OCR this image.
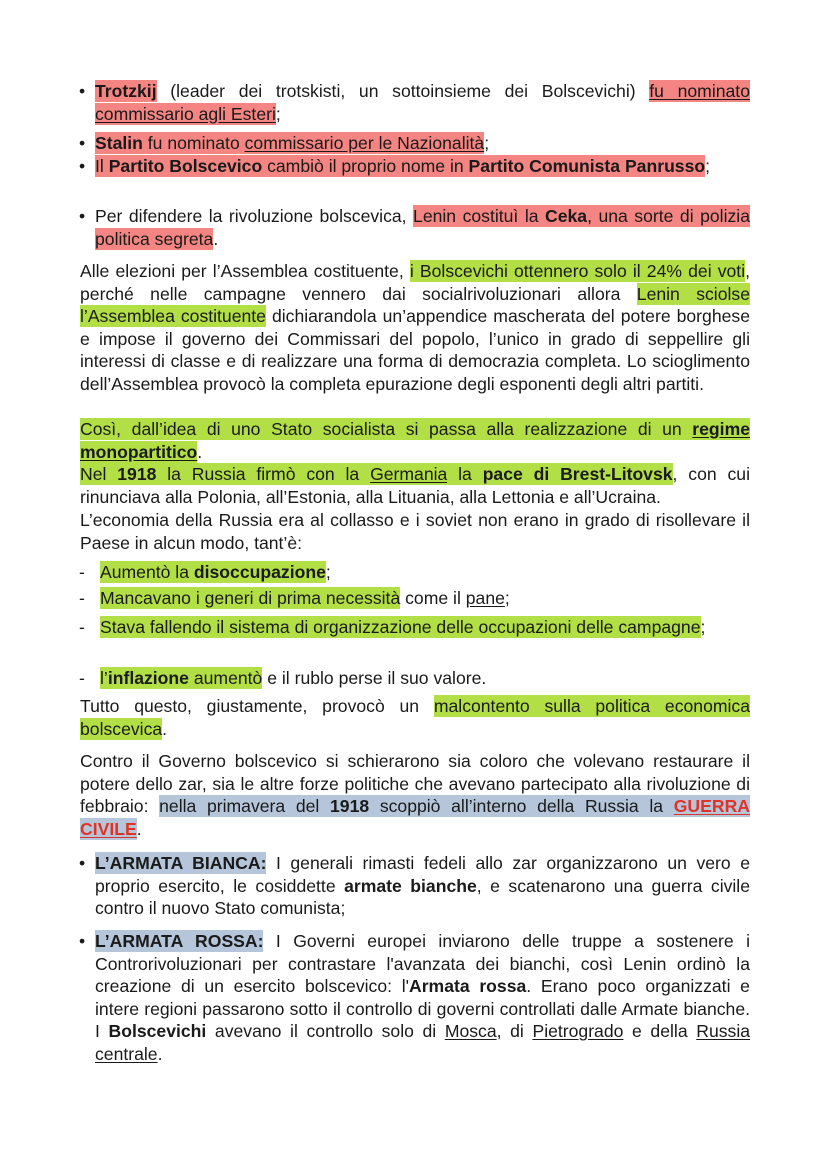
• Trotzkij (leader dei trotskisti, un sottoinsieme dei Bolscevichi) fu nominato commissario agli Esteri;
• Stalin fu nominato commissario per le Nazionalità;
• Il Partito Bolscevico cambiò il proprio nome in Partito Comunista Panrusso;
• Per difendere la rivoluzione bolscevica, Lenin costituì la Ceka, una sorte di polizia politica segreta.
Alle elezioni per l’Assemblea costituente, i Bolscevichi ottennero solo il 24% dei voti, perché nelle campagne vennero dai socialrivoluzionari allora Lenin sciolse l’Assemblea costituente dichiarandola un’appendice mascherata del potere borghese e impose il governo dei Commissari del popolo, l’unico in grado di seppellire gli interessi di classe e di realizzare una forma di democrazia completa. Lo scioglimento dell’Assemblea provocò la completa epurazione degli esponenti degli altri partiti.
Così, dall’idea di uno Stato socialista si passa alla realizzazione di un regime monopartitico.
Nel 1918 la Russia firmò con la Germania la pace di Brest-Litovsk, con cui rinunciava alla Polonia, all’Estonia, alla Lituania, alla Lettonia e all’Ucraina.
L’economia della Russia era al collasso e i soviet non erano in grado di risollevare il Paese in alcun modo, tant’è:
- Aumentò la disoccupazione;
- Mancavano i generi di prima necessità come il pane;
- Stava fallendo il sistema di organizzazione delle occupazioni delle campagne;
- l’inflazione aumentò e il rublo perse il suo valore.
Tutto questo, giustamente, provocò un malcontento sulla politica economica bolscevica.
Contro il Governo bolscevico si schierarono sia coloro che volevano restaurare il potere dello zar, sia le altre forze politiche che avevano partecipato alla rivoluzione di febbraio: nella primavera del 1918 scoppiò all’interno della Russia la GUERRA CIVILE.
• L’ARMATA BIANCA: I generali rimasti fedeli allo zar organizzarono un vero e proprio esercito, le cosiddette armate bianche, e scatenarono una guerra civile contro il nuovo Stato comunista;
• L’ARMATA ROSSA: I Governi europei inviarono delle truppe a sostenere i Controrivoluzionari per contrastare l'avanzata dei bianchi, così Lenin ordinò la creazione di un esercito bolscevico: l'Armata rossa. Erano poco organizzati e intere regioni passarono sotto il controllo di governi controllati dalle Armate bianche. I Bolscevichi avevano il controllo solo di Mosca, di Pietrogrado e della Russia centrale.
